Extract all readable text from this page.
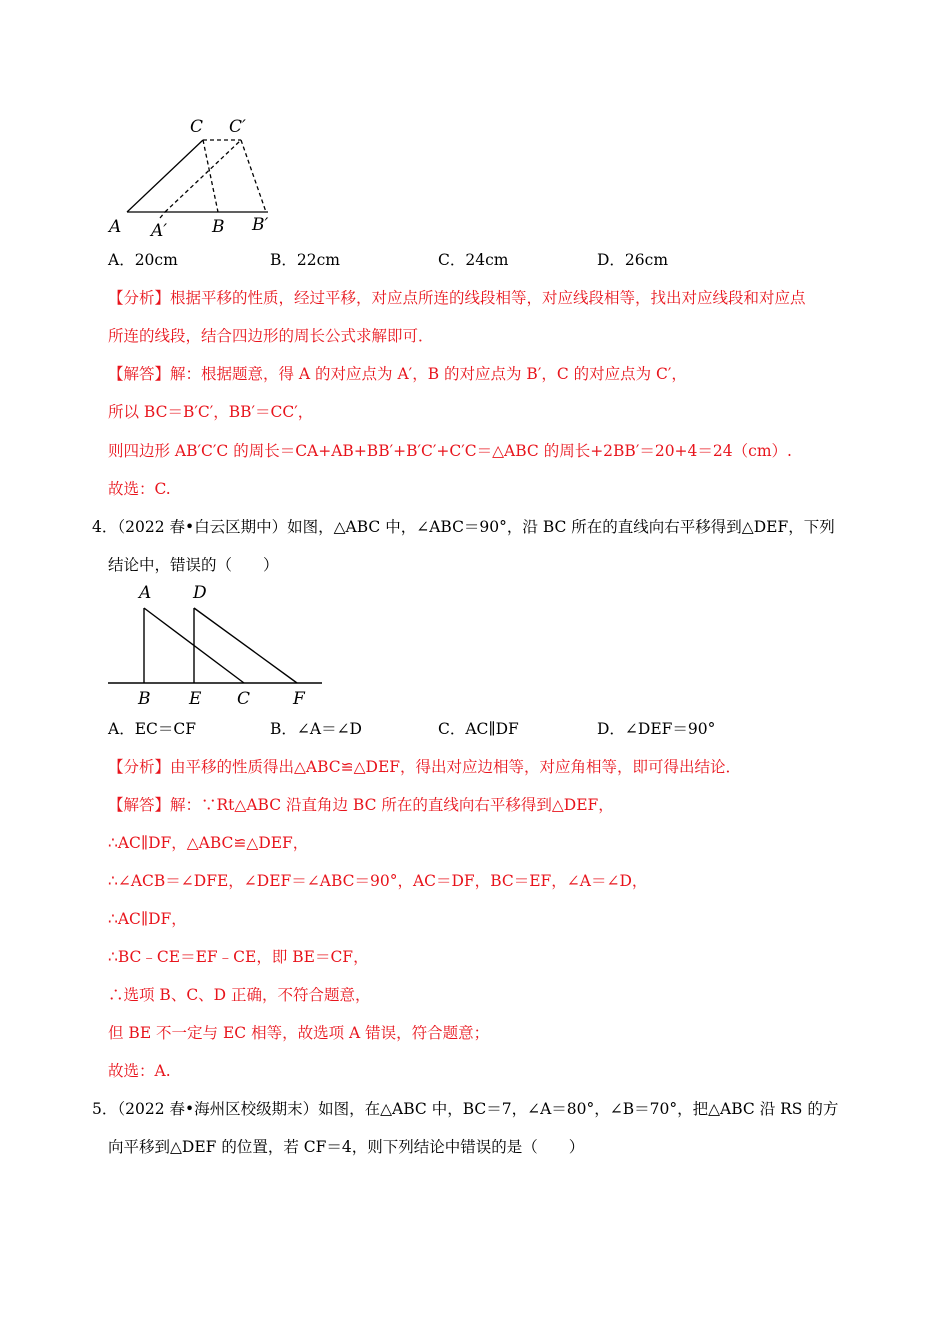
C C′
A A′	B B′
A D
B E C	F
A．20cm	B．22cm	C．24cm	D．26cm
【分析】根据平移的性质，经过平移，对应点所连的线段相等，对应线段相等，找出对应线段和对应点
所连的线段，结合四边形的周长公式求解即可．
【解答】解：根据题意，得 A 的对应点为 A′，B 的对应点为 B′，C 的对应点为 C′，
所以 BC＝B′C′，BB′＝CC′，
则四边形 AB′C′C 的周长＝CA+AB+BB′+B′C′+C′C＝△ABC 的周长+2BB′＝20+4＝24（cm）.
故选：C.
4．（2022 春•白云区期中）如图，△ABC 中，∠ABC＝90°，沿 BC 所在的直线向右平移得到△DEF，下列
结论中，错误的（　　）
A．EC＝CF	B．∠A＝∠D	C．AC∥DF	D．∠DEF＝90°
【分析】由平移的性质得出△ABC≌△DEF，得出对应边相等，对应角相等，即可得出结论．
【解答】解：∵Rt△ABC 沿直角边 BC 所在的直线向右平移得到△DEF，
∴AC∥DF，△ABC≌△DEF，
∴∠ACB＝∠DFE，∠DEF＝∠ABC＝90°，AC＝DF，BC＝EF，∠A＝∠D，
∴AC∥DF，
∴BC﹣CE＝EF﹣CE，即 BE＝CF，
∴选项 B、C、D 正确，不符合题意，
但 BE 不一定与 EC 相等，故选项 A 错误，符合题意；
故选：A.
5．（2022 春•海州区校级期末）如图，在△ABC 中，BC＝7，∠A＝80°，∠B＝70°，把△ABC 沿 RS 的方
向平移到△DEF 的位置，若 CF＝4，则下列结论中错误的是（　　）
